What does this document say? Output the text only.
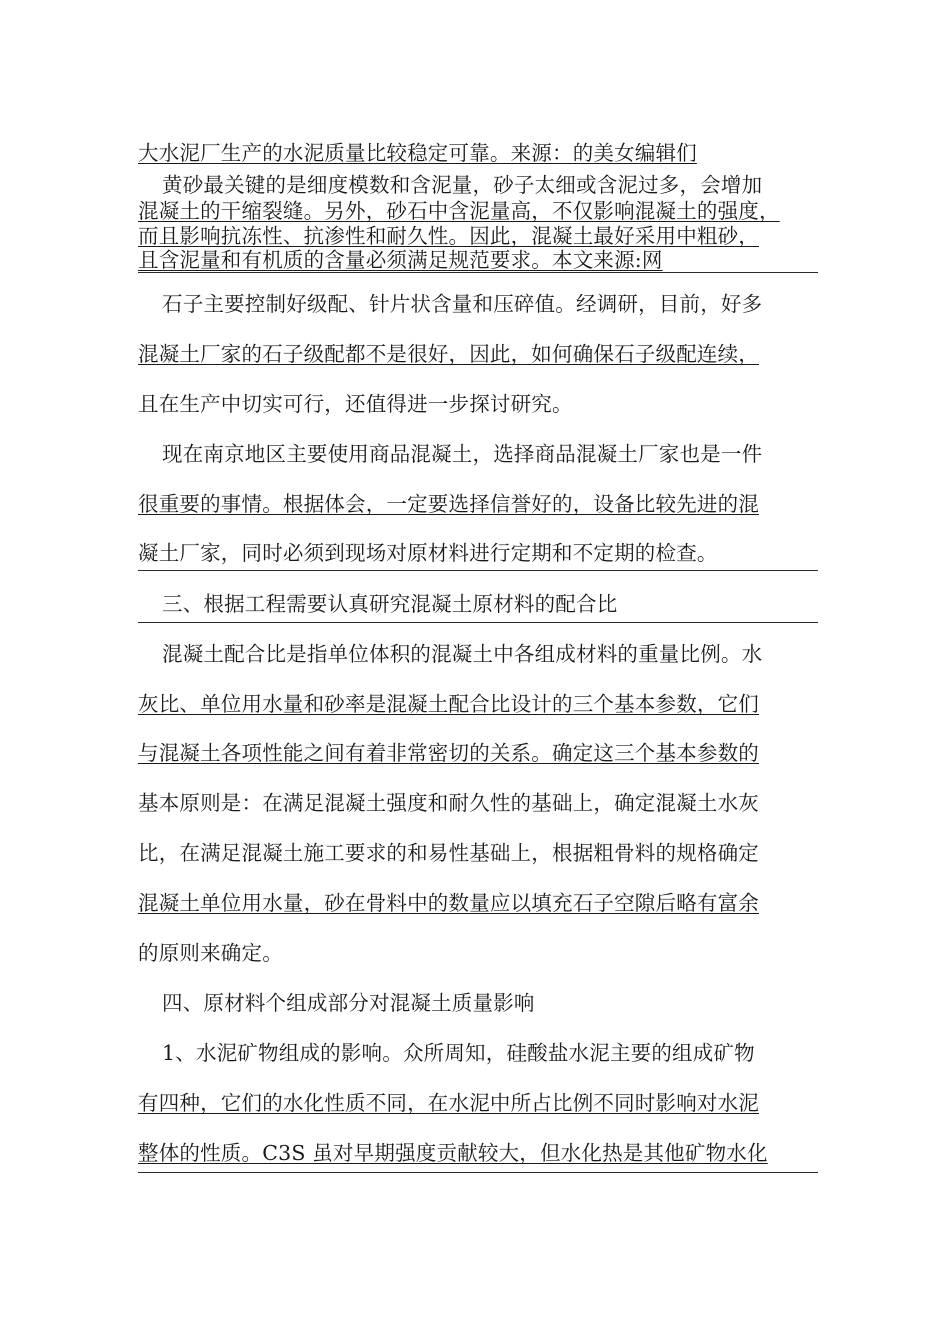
大水泥厂生产的水泥质量比较稳定可靠。来源：的美女编辑们
黄砂最关键的是细度模数和含泥量，砂子太细或含泥过多，会增加
混凝土的干缩裂缝。另外，砂石中含泥量高，不仅影响混凝土的强度，
而且影响抗冻性、抗渗性和耐久性。因此，混凝土最好采用中粗砂，
且含泥量和有机质的含量必须满足规范要求。本文来源:网
石子主要控制好级配、针片状含量和压碎值。经调研，目前，好多
混凝土厂家的石子级配都不是很好，因此，如何确保石子级配连续，
且在生产中切实可行，还值得进一步探讨研究。
现在南京地区主要使用商品混凝土，选择商品混凝土厂家也是一件
很重要的事情。根据体会，一定要选择信誉好的，设备比较先进的混
凝土厂家，同时必须到现场对原材料进行定期和不定期的检查。
三、根据工程需要认真研究混凝土原材料的配合比
混凝土配合比是指单位体积的混凝土中各组成材料的重量比例。水
灰比、单位用水量和砂率是混凝土配合比设计的三个基本参数，它们
与混凝土各项性能之间有着非常密切的关系。确定这三个基本参数的
基本原则是：在满足混凝土强度和耐久性的基础上，确定混凝土水灰
比，在满足混凝土施工要求的和易性基础上，根据粗骨料的规格确定
混凝土单位用水量，砂在骨料中的数量应以填充石子空隙后略有富余
的原则来确定。
四、原材料个组成部分对混凝土质量影响
1、水泥矿物组成的影响。众所周知，硅酸盐水泥主要的组成矿物
有四种，它们的水化性质不同，在水泥中所占比例不同时影响对水泥
整体的性质。C3S 虽对早期强度贡献较大，但水化热是其他矿物水化
